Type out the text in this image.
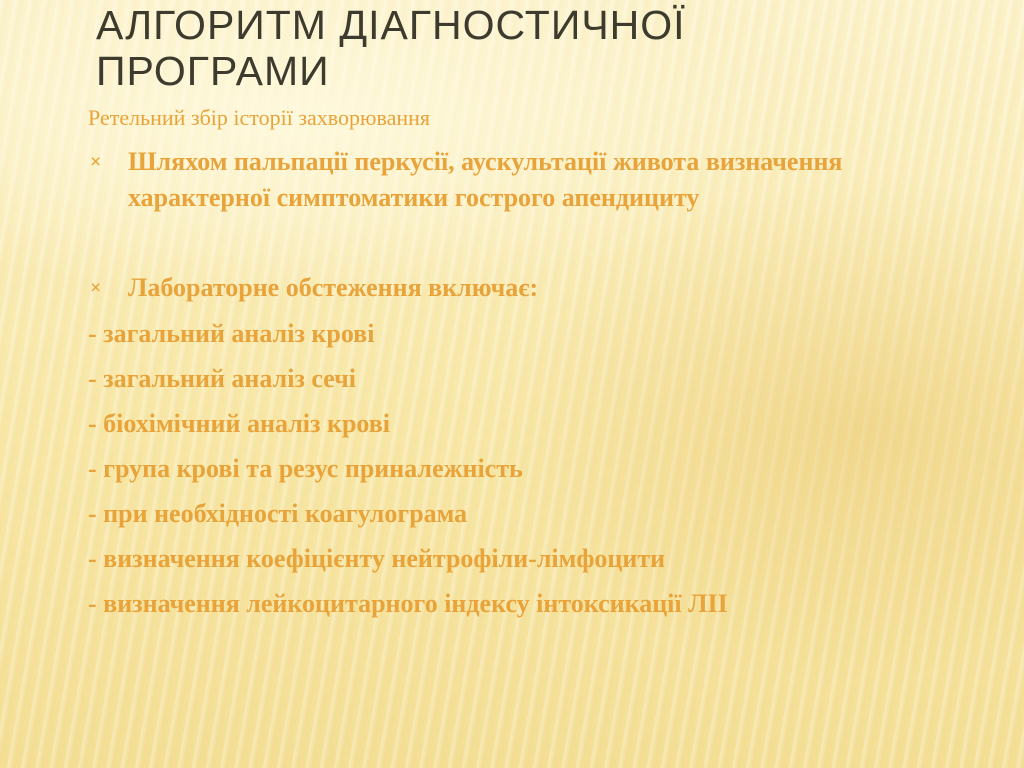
АЛГОРИТМ ДІАГНОСТИЧНОЇ ПРОГРАМИ

Ретельний збір історії захворювання

× Шляхом пальпації перкусії, аускультації живота визначення характерної симптоматики гострого апендициту
× Лабораторне обстеження включає:

- загальний аналіз крові

- загальний аналіз сечі

- біохімічний аналіз крові

- група крові та резус приналежність

- при необхідності коагулограма

- визначення коефіцієнту нейтрофіли-лімфоцити

- визначення лейкоцитарного індексу інтоксикації ЛІІ
